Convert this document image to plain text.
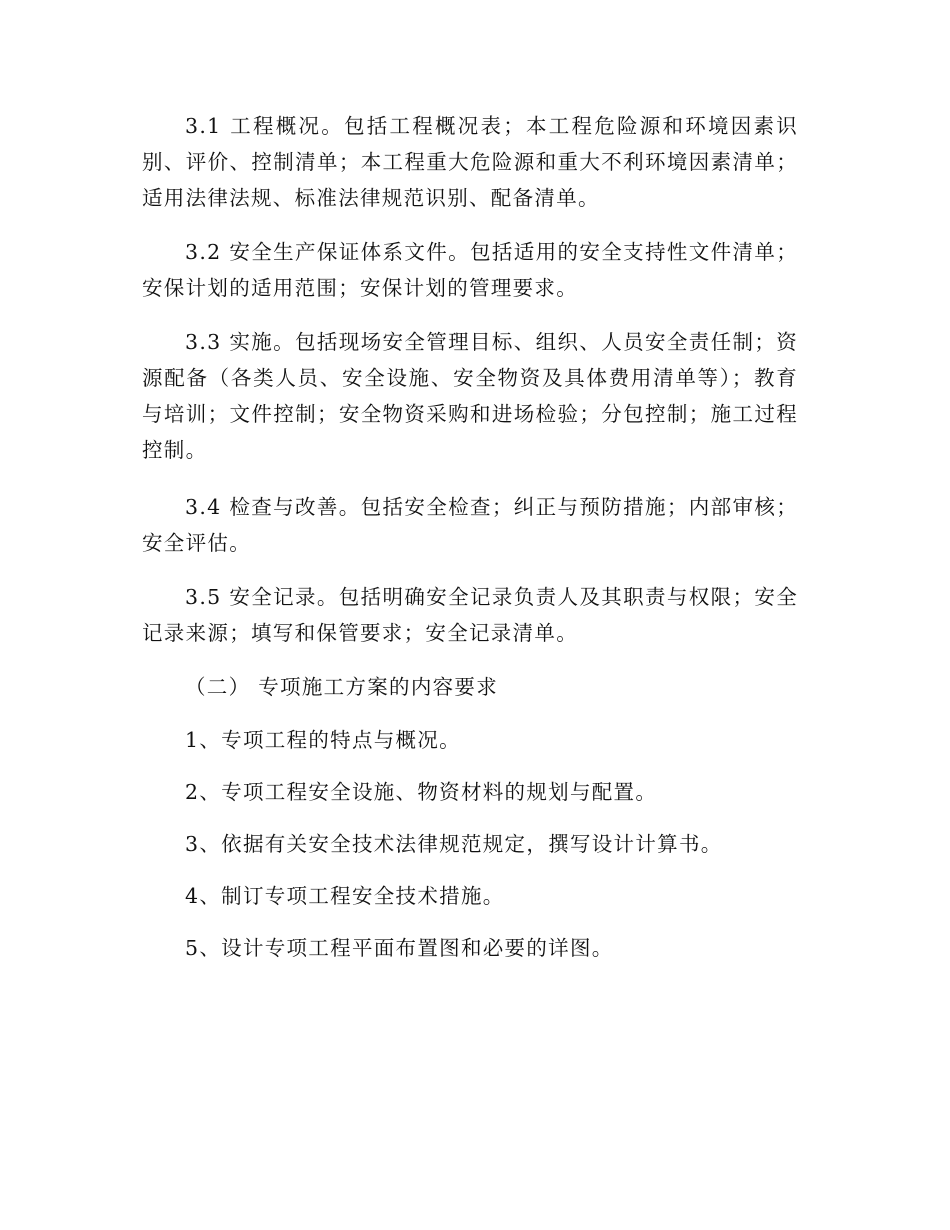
3.1 工程概况。包括工程概况表；本工程危险源和环境因素识别、评价、控制清单；本工程重大危险源和重大不利环境因素清单；适用法律法规、标准法律规范识别、配备清单。

3.2 安全生产保证体系文件。包括适用的安全支持性文件清单；安保计划的适用范围；安保计划的管理要求。

3.3 实施。包括现场安全管理目标、组织、人员安全责任制；资源配备（各类人员、安全设施、安全物资及具体费用清单等）；教育与培训；文件控制；安全物资采购和进场检验；分包控制；施工过程控制。

3.4 检查与改善。包括安全检查；纠正与预防措施；内部审核；安全评估。

3.5 安全记录。包括明确安全记录负责人及其职责与权限；安全记录来源；填写和保管要求；安全记录清单。

（二） 专项施工方案的内容要求

1、专项工程的特点与概况。

2、专项工程安全设施、物资材料的规划与配置。

3、依据有关安全技术法律规范规定，撰写设计计算书。

4、制订专项工程安全技术措施。

5、设计专项工程平面布置图和必要的详图。
